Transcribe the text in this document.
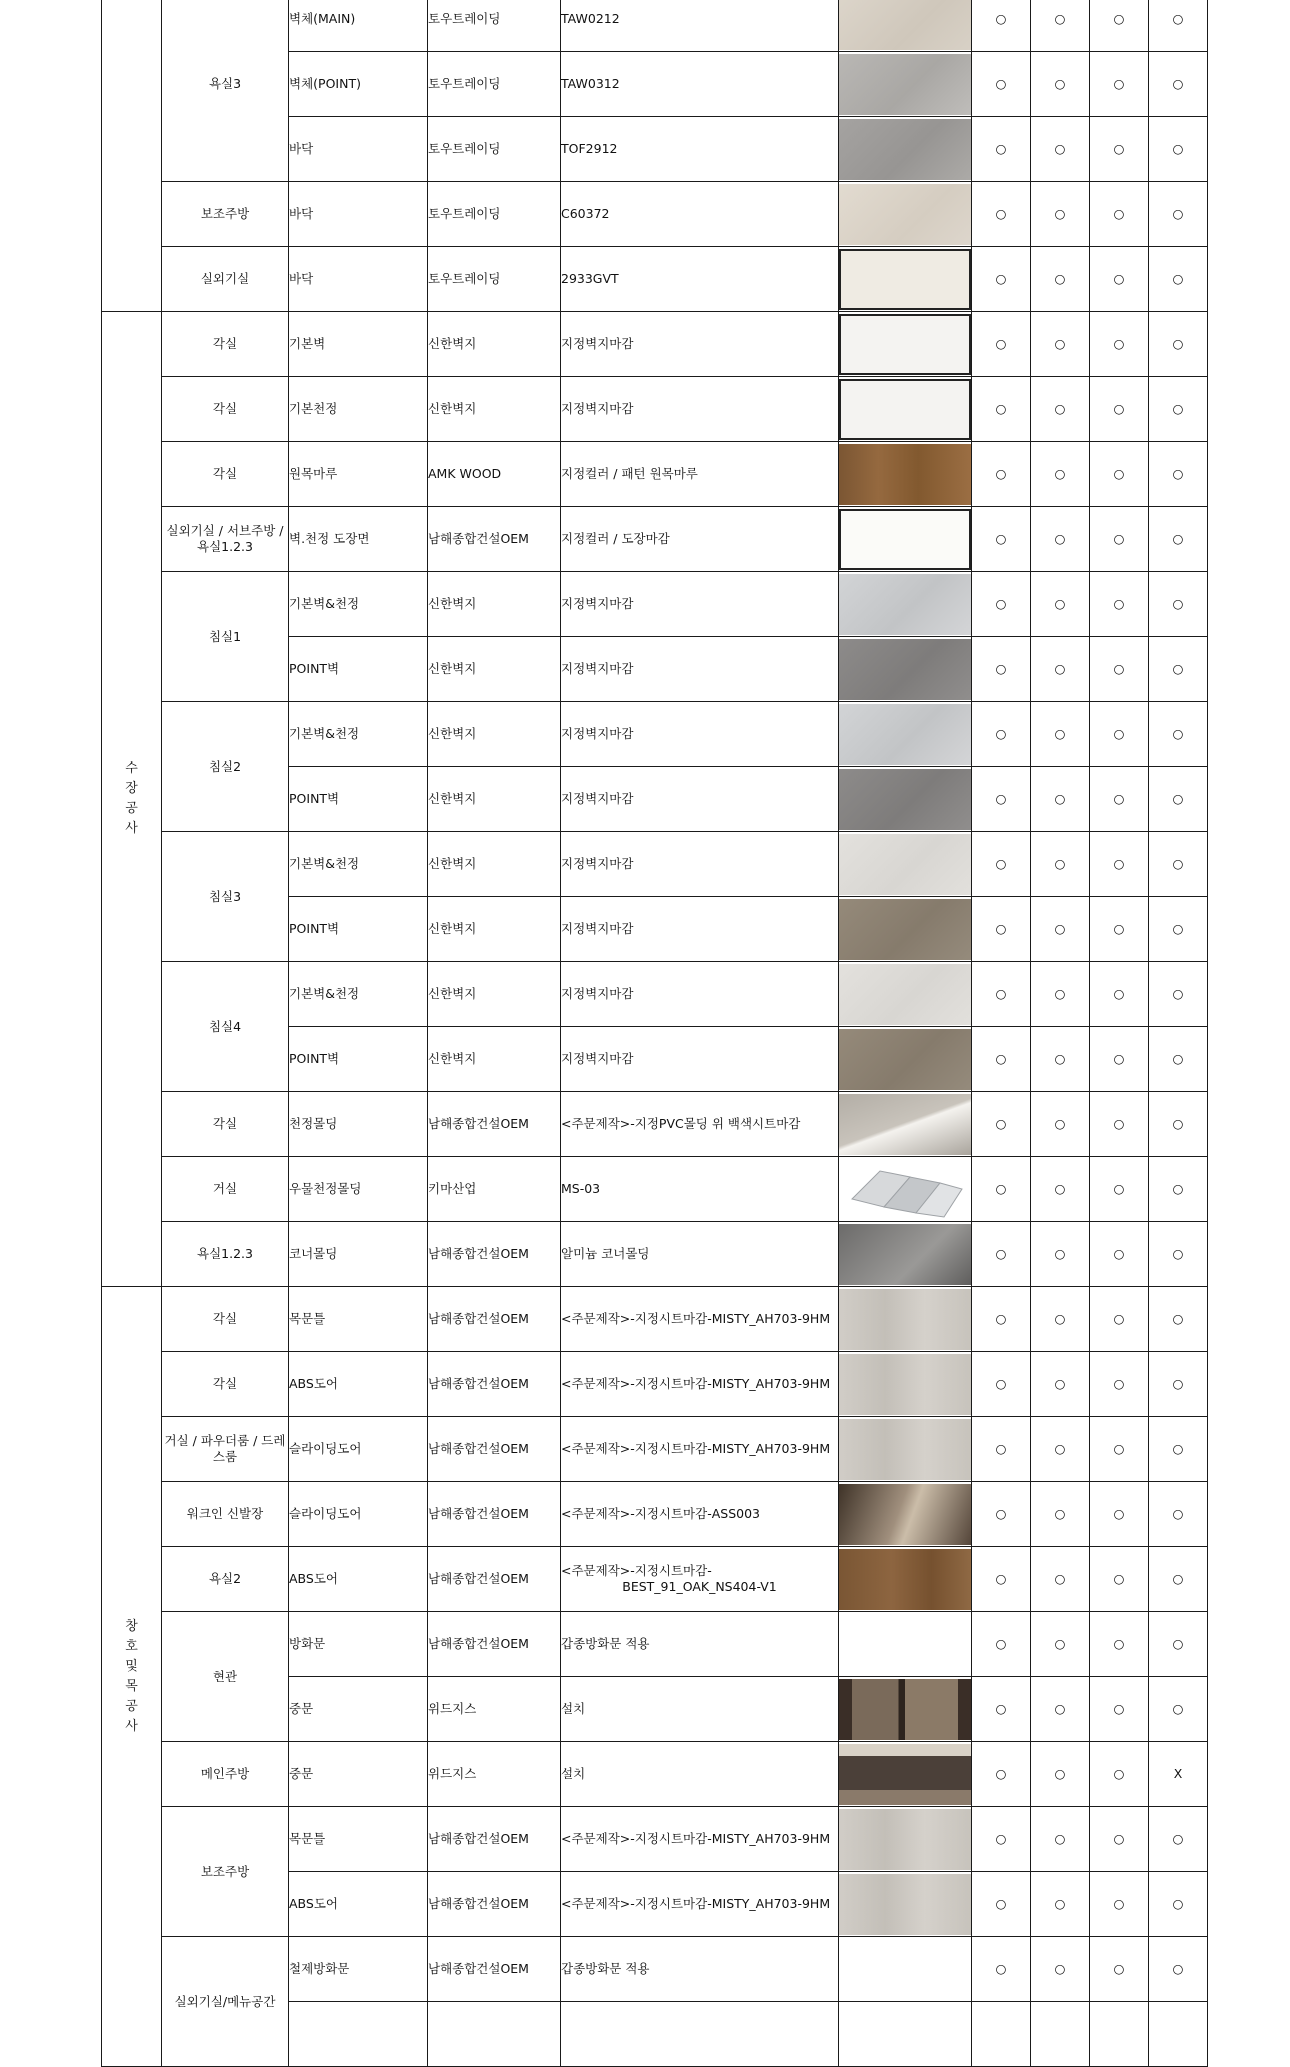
	욕실3	벽체(MAIN)	토우트레이딩	TAW0212		○	○	○	○
		벽체(POINT)	토우트레이딩	TAW0312		○	○	○	○
		바닥	토우트레이딩	TOF2912		○	○	○	○
	보조주방	바닥	토우트레이딩	C60372		○	○	○	○
	실외기실	바닥	토우트레이딩	2933GVT		○	○	○	○
수장공사	각실	기본벽	신한벽지	지정벽지마감		○	○	○	○
	각실	기본천정	신한벽지	지정벽지마감		○	○	○	○
	각실	원목마루	AMK WOOD	지정컬러 / 패턴 원목마루		○	○	○	○
	실외기실 / 서브주방 / 욕실1.2.3	벽.천정 도장면	남해종합건설OEM	지정컬러 / 도장마감		○	○	○	○
	침실1	기본벽&천정	신한벽지	지정벽지마감		○	○	○	○
		POINT벽	신한벽지	지정벽지마감		○	○	○	○
	침실2	기본벽&천정	신한벽지	지정벽지마감		○	○	○	○
		POINT벽	신한벽지	지정벽지마감		○	○	○	○
	침실3	기본벽&천정	신한벽지	지정벽지마감		○	○	○	○
		POINT벽	신한벽지	지정벽지마감		○	○	○	○
	침실4	기본벽&천정	신한벽지	지정벽지마감		○	○	○	○
		POINT벽	신한벽지	지정벽지마감		○	○	○	○
	각실	천정몰딩	남해종합건설OEM	<주문제작>-지정PVC몰딩 위 백색시트마감		○	○	○	○
	거실	우물천정몰딩	키마산업	MS-03		○	○	○	○
	욕실1.2.3	코너몰딩	남해종합건설OEM	알미늄 코너몰딩		○	○	○	○
창호및목공사	각실	목문틀	남해종합건설OEM	<주문제작>-지정시트마감-MISTY_AH703-9HM		○	○	○	○
	각실	ABS도어	남해종합건설OEM	<주문제작>-지정시트마감-MISTY_AH703-9HM		○	○	○	○
	거실 / 파우더룸 / 드레스룸	슬라이딩도어	남해종합건설OEM	<주문제작>-지정시트마감-MISTY_AH703-9HM		○	○	○	○
	워크인 신발장	슬라이딩도어	남해종합건설OEM	<주문제작>-지정시트마감-ASS003		○	○	○	○
	욕실2	ABS도어	남해종합건설OEM	<주문제작>-지정시트마감-
BEST_91_OAK_NS404-V1		○	○	○	○
	현관	방화문	남해종합건설OEM	갑종방화문 적용		○	○	○	○
		중문	위드지스	설치		○	○	○	○
	메인주방	중문	위드지스	설치		○	○	○	X
	보조주방	목문틀	남해종합건설OEM	<주문제작>-지정시트마감-MISTY_AH703-9HM		○	○	○	○
		ABS도어	남해종합건설OEM	<주문제작>-지정시트마감-MISTY_AH703-9HM		○	○	○	○
	실외기실/메뉴공간	철제방화문	남해종합건설OEM	갑종방화문 적용		○	○	○	○
